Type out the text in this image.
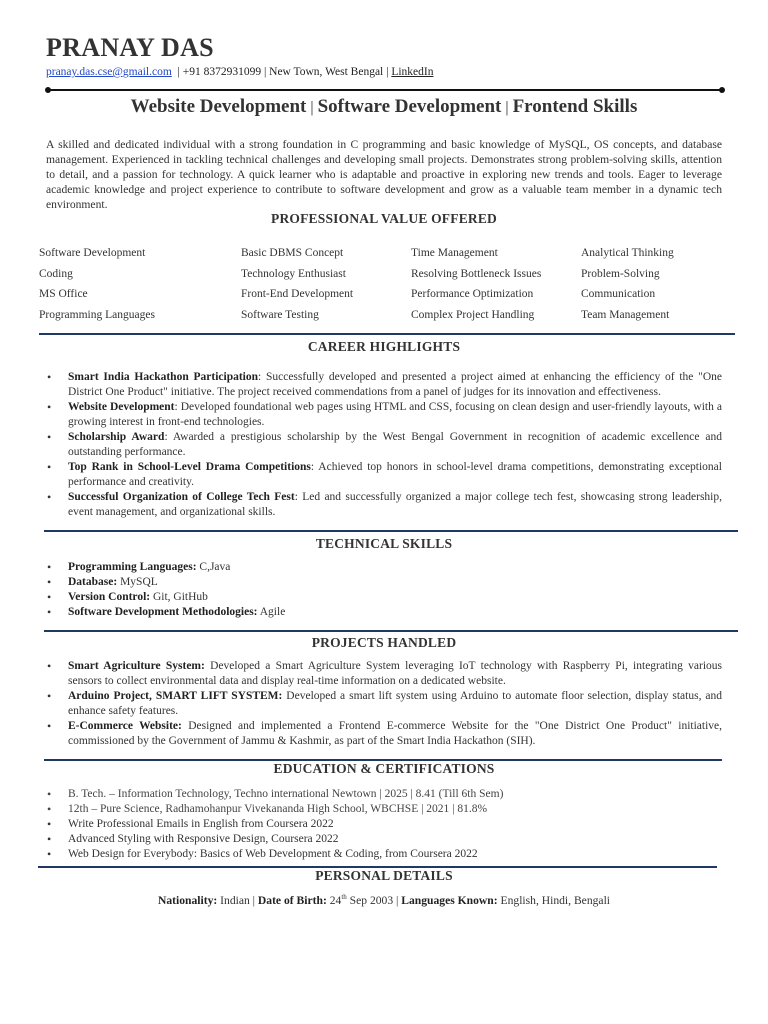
PRANAY DAS
pranay.das.cse@gmail.com  | +91 8372931099 | New Town, West Bengal | LinkedIn
Website Development | Software Development | Frontend Skills
A skilled and dedicated individual with a strong foundation in C programming and basic knowledge of MySQL, OS concepts, and database management. Experienced in tackling technical challenges and developing small projects. Demonstrates strong problem-solving skills, attention to detail, and a passion for technology. A quick learner who is adaptable and proactive in exploring new trends and tools. Eager to leverage academic knowledge and project experience to contribute to software development and grow as a valuable team member in a dynamic tech environment.
PROFESSIONAL VALUE OFFERED
Software Development	Basic DBMS Concept	Time Management	Analytical Thinking
Coding	Technology Enthusiast	Resolving Bottleneck Issues	Problem-Solving
MS Office	Front-End Development	Performance Optimization	Communication
Programming Languages	Software Testing	Complex Project Handling	Team Management
CAREER HIGHLIGHTS
• Smart India Hackathon Participation: Successfully developed and presented a project aimed at enhancing the efficiency of the "One District One Product" initiative. The project received commendations from a panel of judges for its innovation and effectiveness.
• Website Development: Developed foundational web pages using HTML and CSS, focusing on clean design and user-friendly layouts, with a growing interest in front-end technologies.
• Scholarship Award: Awarded a prestigious scholarship by the West Bengal Government in recognition of academic excellence and outstanding performance.
• Top Rank in School-Level Drama Competitions: Achieved top honors in school-level drama competitions, demonstrating exceptional performance and creativity.
• Successful Organization of College Tech Fest: Led and successfully organized a major college tech fest, showcasing strong leadership, event management, and organizational skills.
TECHNICAL SKILLS
• Programming Languages: C,Java
• Database: MySQL
• Version Control: Git, GitHub
• Software Development Methodologies: Agile
PROJECTS HANDLED
• Smart Agriculture System: Developed a Smart Agriculture System leveraging IoT technology with Raspberry Pi, integrating various sensors to collect environmental data and display real-time information on a dedicated website.
• Arduino Project, SMART LIFT SYSTEM: Developed a smart lift system using Arduino to automate floor selection, display status, and enhance safety features.
• E-Commerce Website: Designed and implemented a Frontend E-commerce Website for the "One District One Product" initiative, commissioned by the Government of Jammu & Kashmir, as part of the Smart India Hackathon (SIH).
EDUCATION & CERTIFICATIONS
• B. Tech. – Information Technology, Techno international Newtown | 2025 | 8.41 (Till 6th Sem)
• 12th – Pure Science, Radhamohanpur Vivekananda High School, WBCHSE | 2021 | 81.8%
• Write Professional Emails in English from Coursera 2022
• Advanced Styling with Responsive Design, Coursera 2022
• Web Design for Everybody: Basics of Web Development & Coding, from Coursera 2022
PERSONAL DETAILS
Nationality: Indian | Date of Birth: 24th Sep 2003 | Languages Known: English, Hindi, Bengali
